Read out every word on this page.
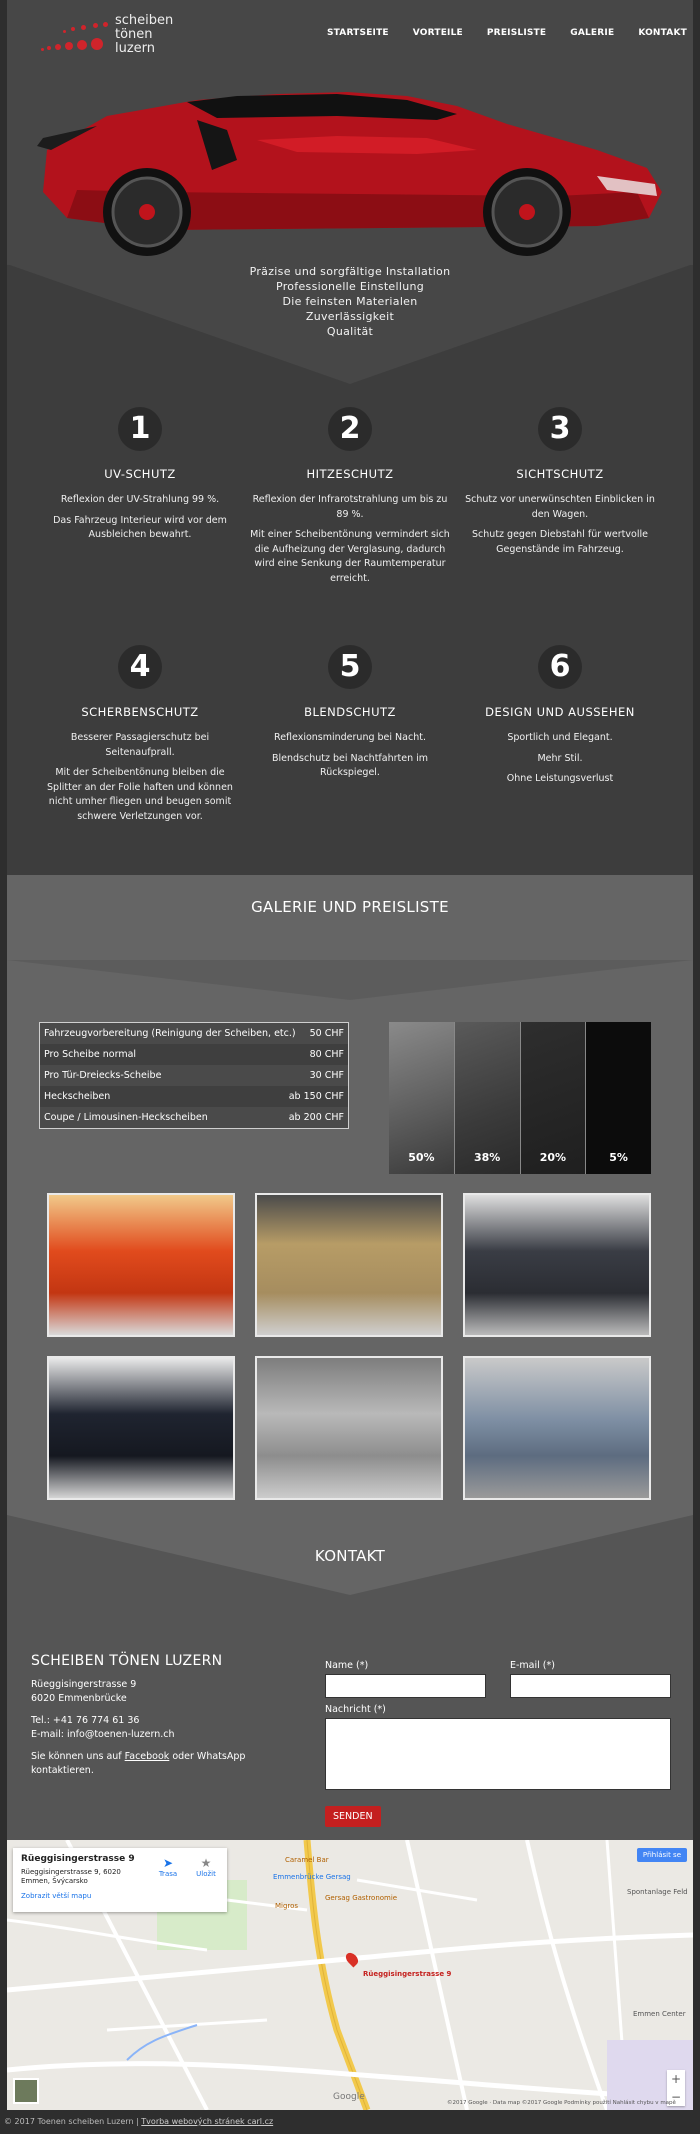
scheiben
tönen
luzern
STARTSEITE	VORTEILE	PREISLISTE	GALERIE	KONTAKT
Präzise und sorgfältige Installation
Professionelle Einstellung
Die feinsten Materialen
Zuverlässigkeit
Qualität
1
UV-SCHUTZ

Reflexion der UV-Strahlung 99 %.

Das Fahrzeug Interieur wird vor dem Ausbleichen bewahrt.

2
HITZESCHUTZ

Reflexion der Infrarotstrahlung um bis zu 89 %.

Mit einer Scheibentönung vermindert sich die Aufheizung der Verglasung, dadurch wird eine Senkung der Raumtemperatur erreicht.

3
SICHTSCHUTZ

Schutz vor unerwünschten Einblicken in den Wagen.

Schutz gegen Diebstahl für wertvolle Gegenstände im Fahrzeug.

4
SCHERBENSCHUTZ

Besserer Passagierschutz bei Seitenaufprall.

Mit der Scheibentönung bleiben die Splitter an der Folie haften und können nicht umher fliegen und beugen somit schwere Verletzungen vor.

5
BLENDSCHUTZ

Reflexionsminderung bei Nacht.

Blendschutz bei Nachtfahrten im Rückspiegel.

6
DESIGN UND AUSSEHEN

Sportlich und Elegant.

Mehr Stil.

Ohne Leistungsverlust

GALERIE UND PREISLISTE
Fahrzeugvorbereitung (Reinigung der Scheiben, etc.) 50 CHF
Pro Scheibe normal	80 CHF
Pro Tür-Dreiecks-Scheibe	30 CHF
Heckscheiben	ab 150 CHF
Coupe / Limousinen-Heckscheiben	ab 200 CHF
50%	38%	20%	5%
KONTAKT
SCHEIBEN TÖNEN LUZERN

Rüeggisingerstrasse 9
6020 Emmenbrücke

Tel.: +41 76 774 61 36
E-mail: info@toenen-luzern.ch

Sie können uns auf Facebook oder WhatsApp kontaktieren.

Name (*)	E-mail (*)
Nachricht (*)
SENDEN
Rüeggisingerstrasse 9
Rüeggisingerstrasse 9, 6020 Emmen, Švýcarsko
Zobrazit větší mapu
➤
Trasa
★
Uložit
Přihlásit se
Caramel Bar
Gersag Gastronomie
Migros
Emmenbrücke Gersag
Spontanlage Feld
Emmen Center
Rüeggisingerstrasse 9
+
−
Google
©2017 Google · Data map ©2017 Google Podmínky použití Nahlásit chybu v mapě
© 2017 Toenen scheiben Luzern | Tvorba webových stránek carl.cz
